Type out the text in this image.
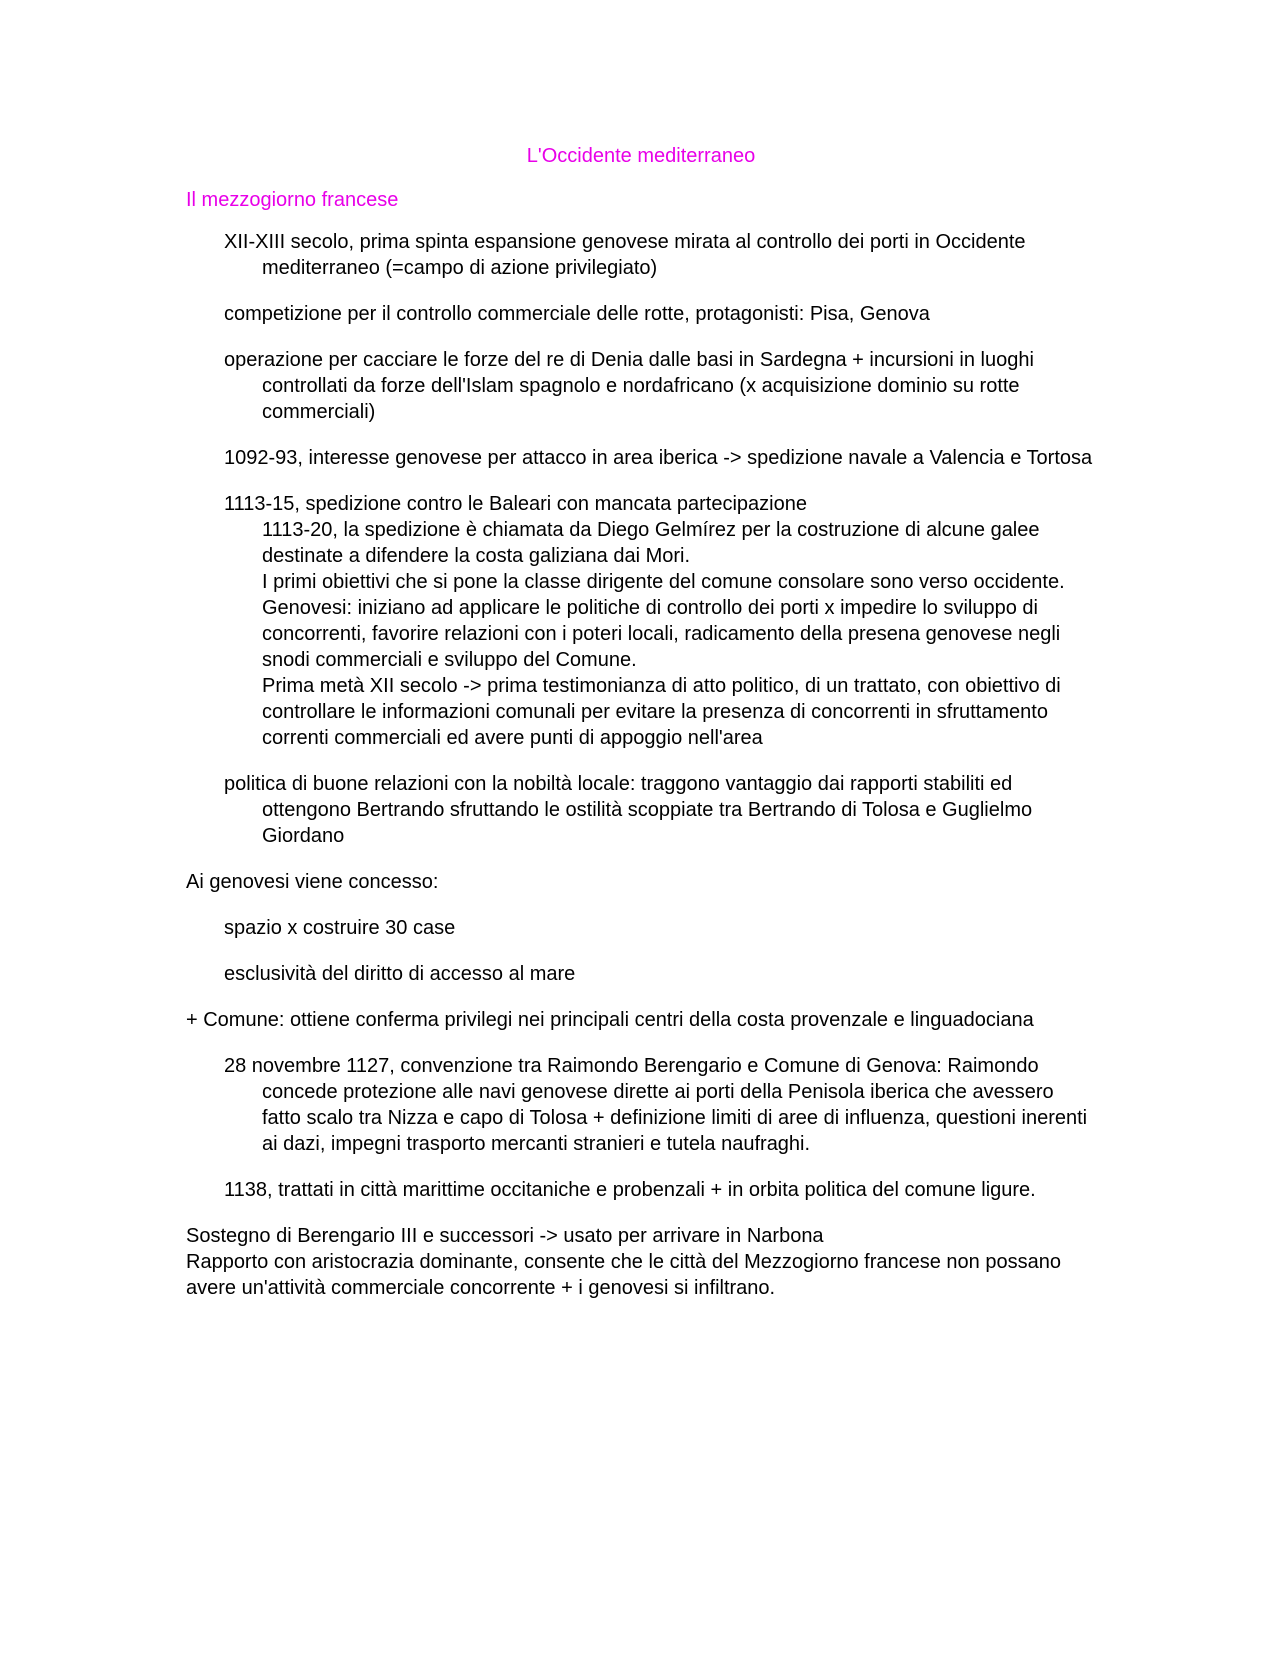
L'Occidente mediterraneo
Il mezzogiorno francese
XII-XIII secolo, prima spinta espansione genovese mirata al controllo dei porti in Occidente mediterraneo (=campo di azione privilegiato)
competizione per il controllo commerciale delle rotte, protagonisti: Pisa, Genova
operazione per cacciare le forze del re di Denia dalle basi in Sardegna + incursioni in luoghi controllati da forze dell'Islam spagnolo e nordafricano (x acquisizione dominio su rotte commerciali)
1092-93, interesse genovese per attacco in area iberica -> spedizione navale a Valencia e Tortosa
1113-15, spedizione contro le Baleari con mancata partecipazione
1113-20, la spedizione è chiamata da Diego Gelmírez per la costruzione di alcune galee destinate a difendere la costa galiziana dai Mori.
I primi obiettivi che si pone la classe dirigente del comune consolare sono verso occidente.
Genovesi: iniziano ad applicare le politiche di controllo dei porti x impedire lo sviluppo di concorrenti, favorire relazioni con i poteri locali, radicamento della presena genovese negli snodi commerciali e sviluppo del Comune.
Prima metà XII secolo -> prima testimonianza di atto politico, di un trattato, con obiettivo di controllare le informazioni comunali per evitare la presenza di concorrenti in sfruttamento correnti commerciali ed avere punti di appoggio nell'area
politica di buone relazioni con la nobiltà locale: traggono vantaggio dai rapporti stabiliti ed ottengono Bertrando sfruttando le ostilità scoppiate tra Bertrando di Tolosa e Guglielmo Giordano
Ai genovesi viene concesso:
spazio x costruire 30 case
esclusività del diritto di accesso al mare
+ Comune: ottiene conferma privilegi nei principali centri della costa provenzale e linguadociana
28 novembre 1127, convenzione tra Raimondo Berengario e Comune di Genova: Raimondo concede protezione alle navi genovese dirette ai porti della Penisola iberica che avessero fatto scalo tra Nizza e capo di Tolosa + definizione limiti di aree di influenza, questioni inerenti ai dazi, impegni trasporto mercanti stranieri e tutela naufraghi.
1138, trattati in città marittime occitaniche e probenzali + in orbita politica del comune ligure.
Sostegno di Berengario III e successori -> usato per arrivare in Narbona
Rapporto con aristocrazia dominante, consente che le città del Mezzogiorno francese non possano avere un'attività commerciale concorrente + i genovesi si infiltrano.
